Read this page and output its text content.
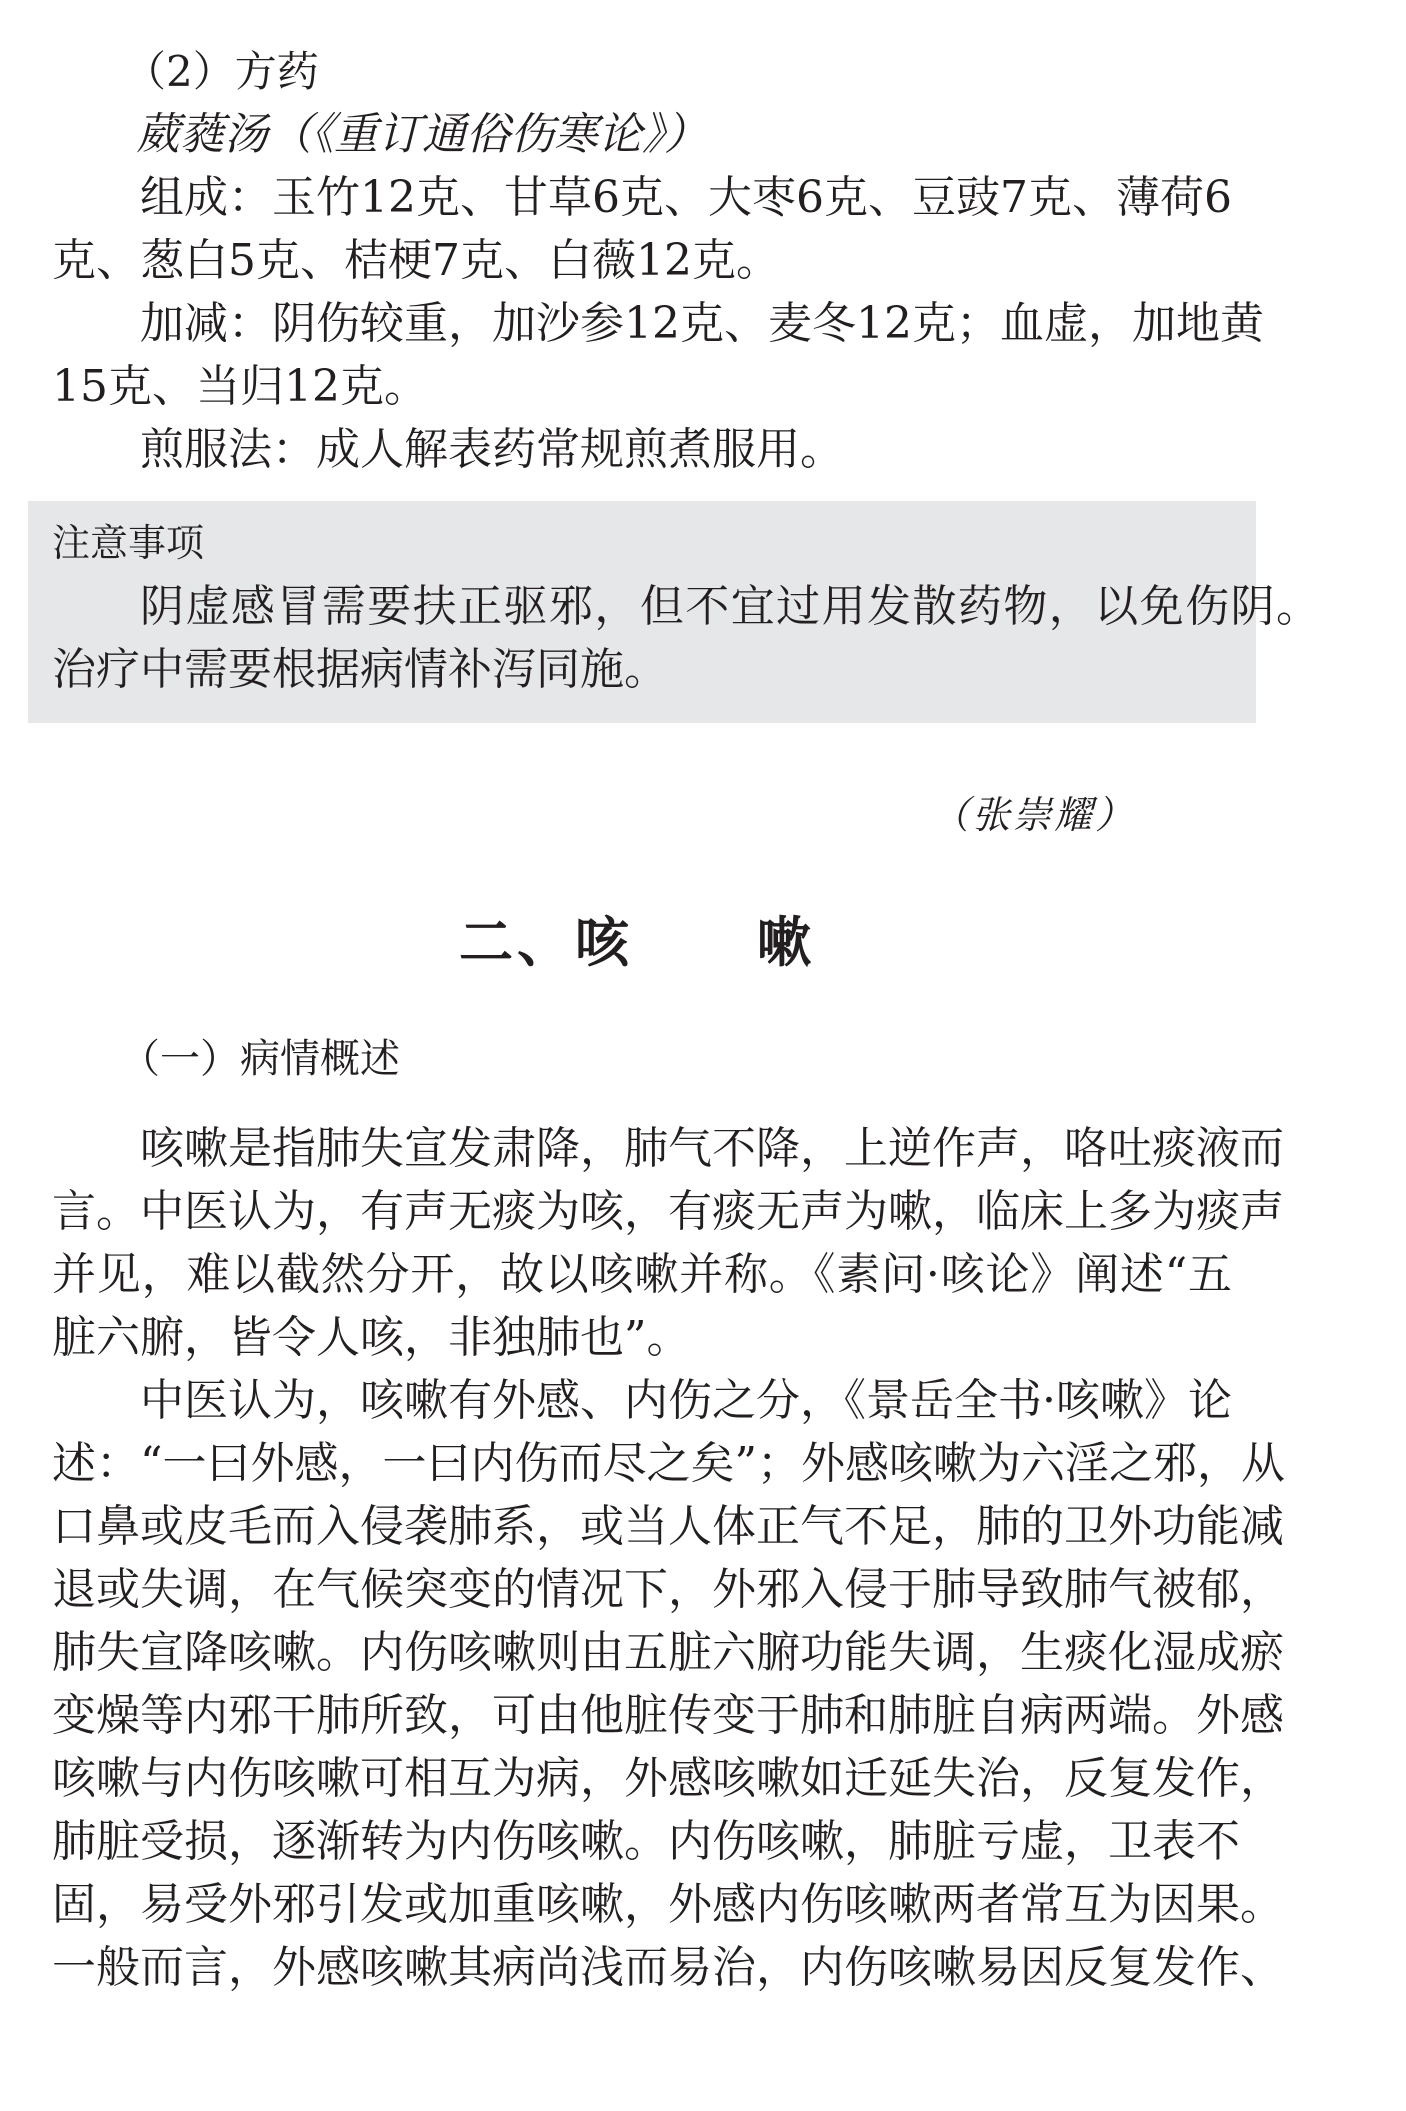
（2）方药
葳蕤汤（《重订通俗伤寒论》）
组成：玉竹12克、甘草6克、大枣6克、豆豉7克、薄荷6
克、葱白5克、桔梗7克、白薇12克。
加减：阴伤较重，加沙参12克、麦冬12克；血虚，加地黄
15克、当归12克。
煎服法：成人解表药常规煎煮服用。
注意事项
阴虚感冒需要扶正驱邪，但不宜过用发散药物，以免伤阴。
治疗中需要根据病情补泻同施。
（张崇耀）
二、咳 嗽
（一）病情概述
咳嗽是指肺失宣发肃降，肺气不降，上逆作声，咯吐痰液而
言。中医认为，有声无痰为咳，有痰无声为嗽，临床上多为痰声
并见，难以截然分开，故以咳嗽并称。《素问·咳论》阐述“五
脏六腑，皆令人咳，非独肺也”。
中医认为，咳嗽有外感、内伤之分，《景岳全书·咳嗽》论
述：“一曰外感，一曰内伤而尽之矣”；外感咳嗽为六淫之邪，从
口鼻或皮毛而入侵袭肺系，或当人体正气不足，肺的卫外功能减
退或失调，在气候突变的情况下，外邪入侵于肺导致肺气被郁，
肺失宣降咳嗽。内伤咳嗽则由五脏六腑功能失调，生痰化湿成瘀
变燥等内邪干肺所致，可由他脏传变于肺和肺脏自病两端。外感
咳嗽与内伤咳嗽可相互为病，外感咳嗽如迁延失治，反复发作，
肺脏受损，逐渐转为内伤咳嗽。内伤咳嗽，肺脏亏虚，卫表不
固，易受外邪引发或加重咳嗽，外感内伤咳嗽两者常互为因果。
一般而言，外感咳嗽其病尚浅而易治，内伤咳嗽易因反复发作、
